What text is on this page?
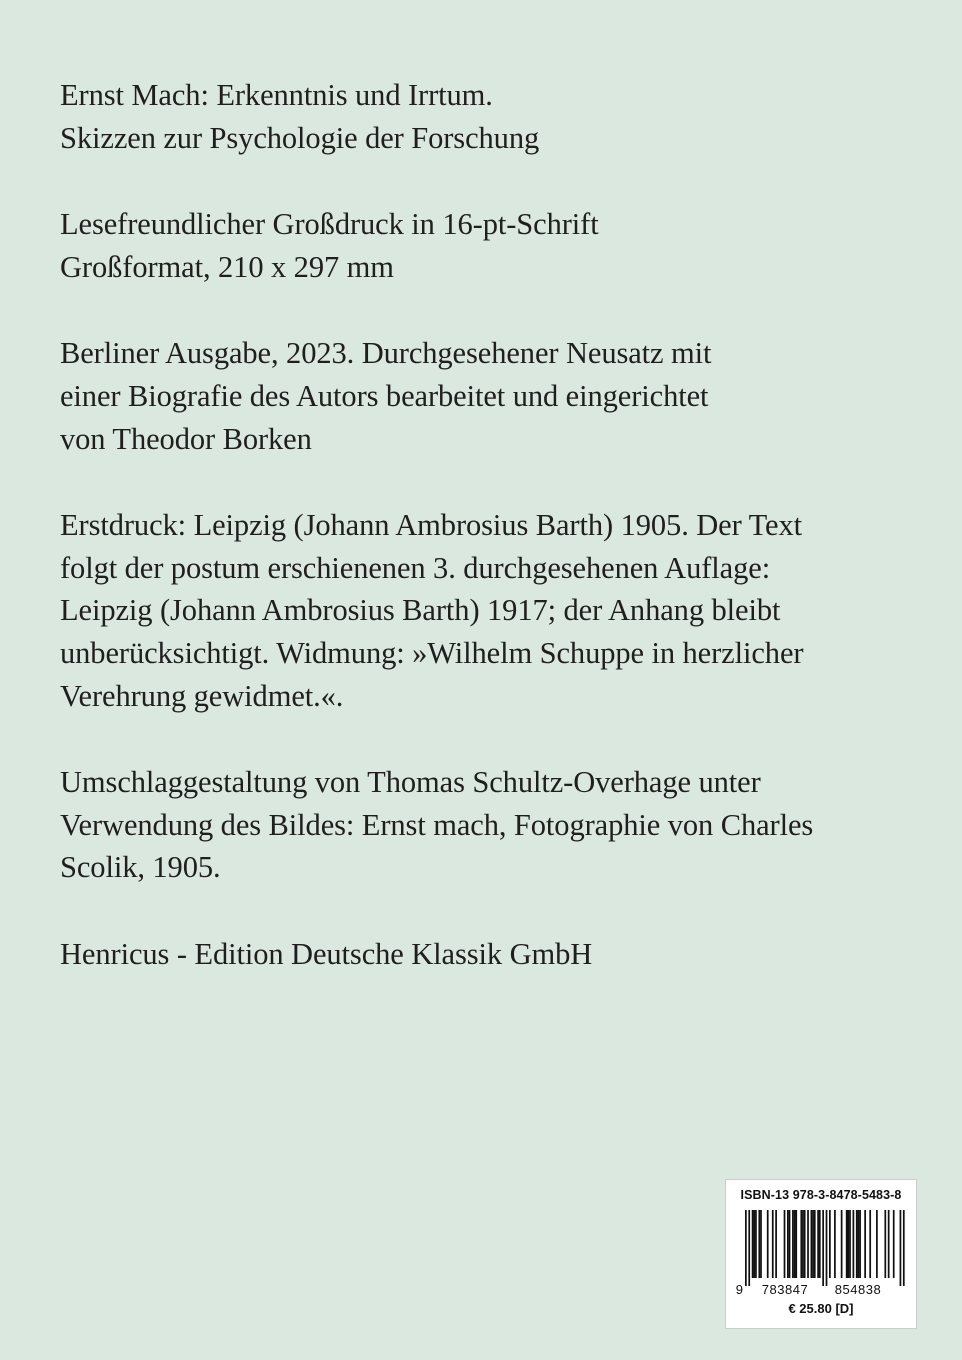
Ernst Mach: Erkenntnis und Irrtum.
Skizzen zur Psychologie der Forschung

Lesefreundlicher Großdruck in 16-pt-Schrift
Großformat, 210 x 297 mm

Berliner Ausgabe, 2023. Durchgesehener Neusatz mit
einer Biografie des Autors bearbeitet und eingerichtet
von Theodor Borken

Erstdruck: Leipzig (Johann Ambrosius Barth) 1905. Der Text
folgt der postum erschienenen 3. durchgesehenen Auflage:
Leipzig (Johann Ambrosius Barth) 1917; der Anhang bleibt
unberücksichtigt. Widmung: »Wilhelm Schuppe in herzlicher
Verehrung gewidmet.«.

Umschlaggestaltung von Thomas Schultz-Overhage unter
Verwendung des Bildes: Ernst mach, Fotographie von Charles
Scolik, 1905.

Henricus - Edition Deutsche Klassik GmbH

ISBN-13 978-3-8478-5483-8
9 783847 854838
€ 25.80 [D]
